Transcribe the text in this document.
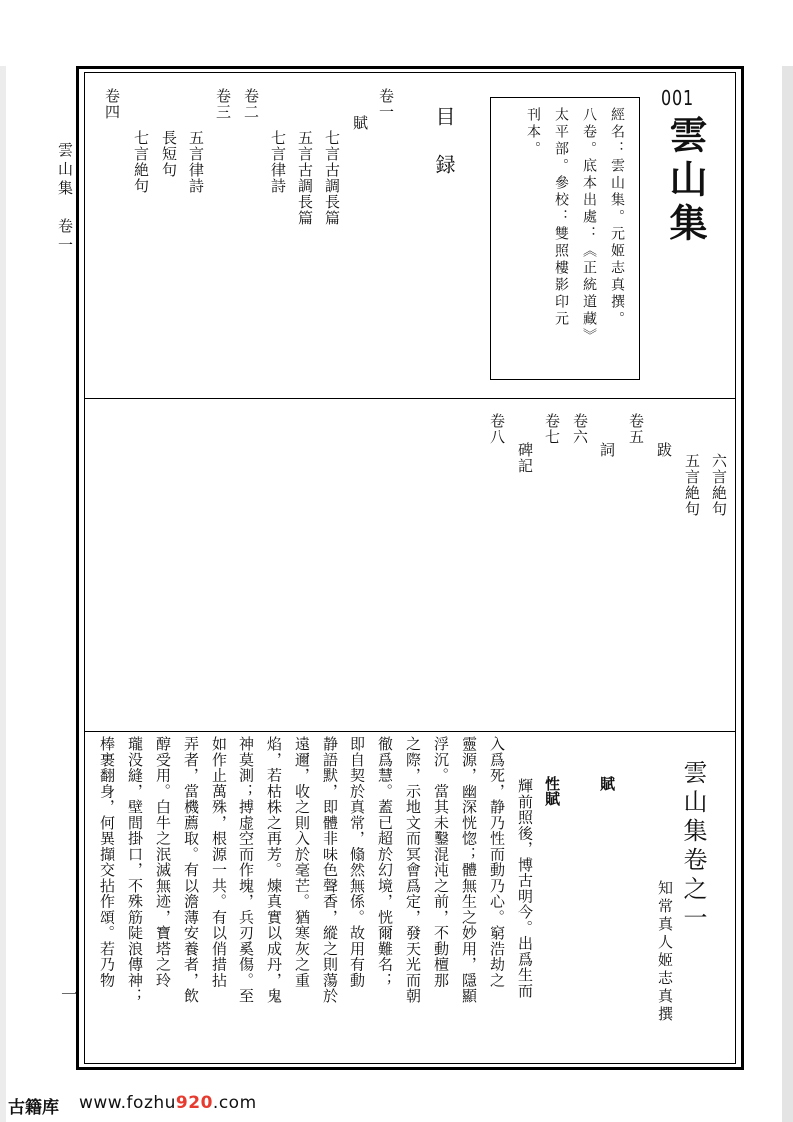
雲山集　卷一
一
001
雲山集
經名：雲山集。元姬志真撰。
八卷。底本出處：《正統道藏》
太平部。參校：雙照樓影印元
刊本。
目録
卷一
賦
七言古調長篇
五言古調長篇
卷二
七言律詩
卷三
五言律詩
長短句
七言絶句
卷四
六言絶句
五言絶句
跋
卷五
詞
卷六
卷七
碑記
卷八
雲山集卷之一
知常真人姬志真撰
賦
性賦
輝前照後，博古明今。出爲生而
入爲死，静乃性而動乃心。窮浩劫之
靈源，幽深恍惚；體無生之妙用，隱顯
浮沉。當其未鑿混沌之前，不動檀那
之際，示地文而冥會爲定，發天光而朝
徹爲慧。蓋已超於幻境，恍爾難名；
即自契於真常，翛然無係。故用有動
静語默，即體非味色聲香，縱之則蕩於
遠邇，收之則入於毫芒。猶寒灰之重
焰，若枯株之再芳。煉真實以成丹，鬼
神莫測；搏虚空而作塊，兵刃奚傷。至
如作止萬殊，根源一共。有以俏措拈
弄者，當機薦取。有以澹薄安養者，飲
醇受用。白牛之泯滅無迹，寶塔之玲
瓏没縫，壁間掛口，不殊筋陡浪傳神；
棒裹翻身，何異擷交拈作頌。若乃物
古籍库 www.fozhu920.com
